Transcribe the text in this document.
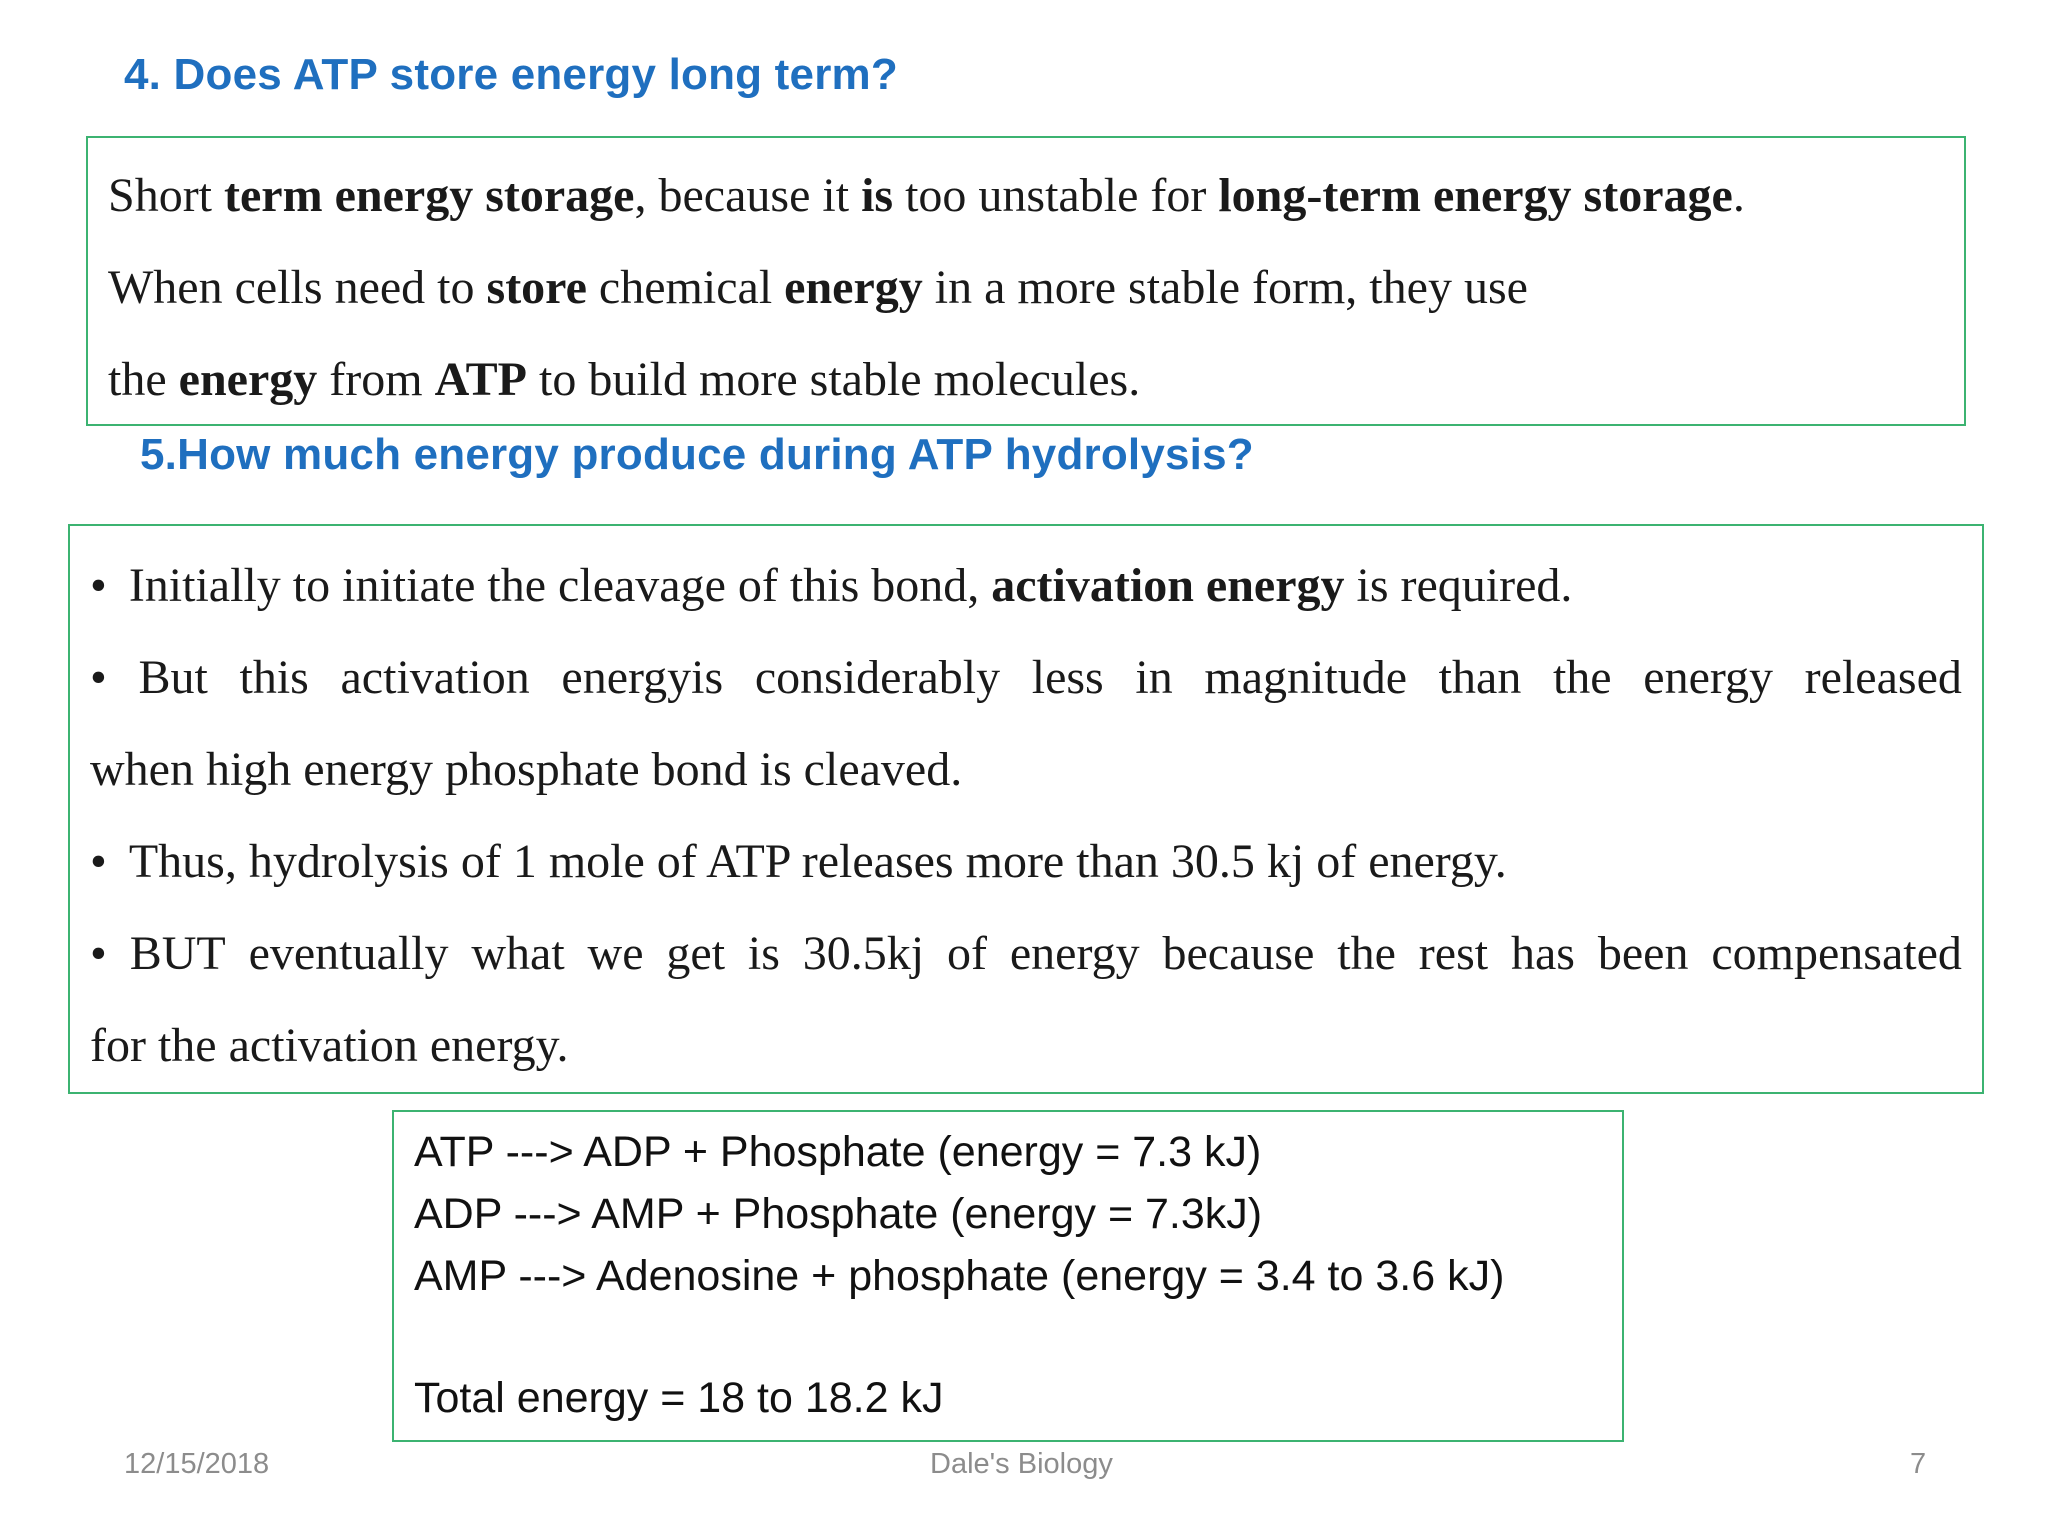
4. Does ATP store energy long term?
Short term energy storage, because it is too unstable for long-term energy storage.
When cells need to store chemical energy in a more stable form, they use
the energy from ATP to build more stable molecules.
5.How much energy produce during ATP hydrolysis?
• Initially to initiate the cleavage of this bond, activation energy is required.
• But this activation energyis considerably less in magnitude than the energy released
when high energy phosphate bond is cleaved.
• Thus, hydrolysis of 1 mole of ATP releases more than 30.5 kj of energy.
• BUT eventually what we get is 30.5kj of energy because the rest has been compensated
for the activation energy.
ATP ---> ADP + Phosphate (energy = 7.3 kJ)
ADP ---> AMP + Phosphate (energy = 7.3kJ)
AMP ---> Adenosine + phosphate (energy = 3.4 to 3.6 kJ)
Total energy = 18 to 18.2 kJ
12/15/2018	Dale's Biology	7
